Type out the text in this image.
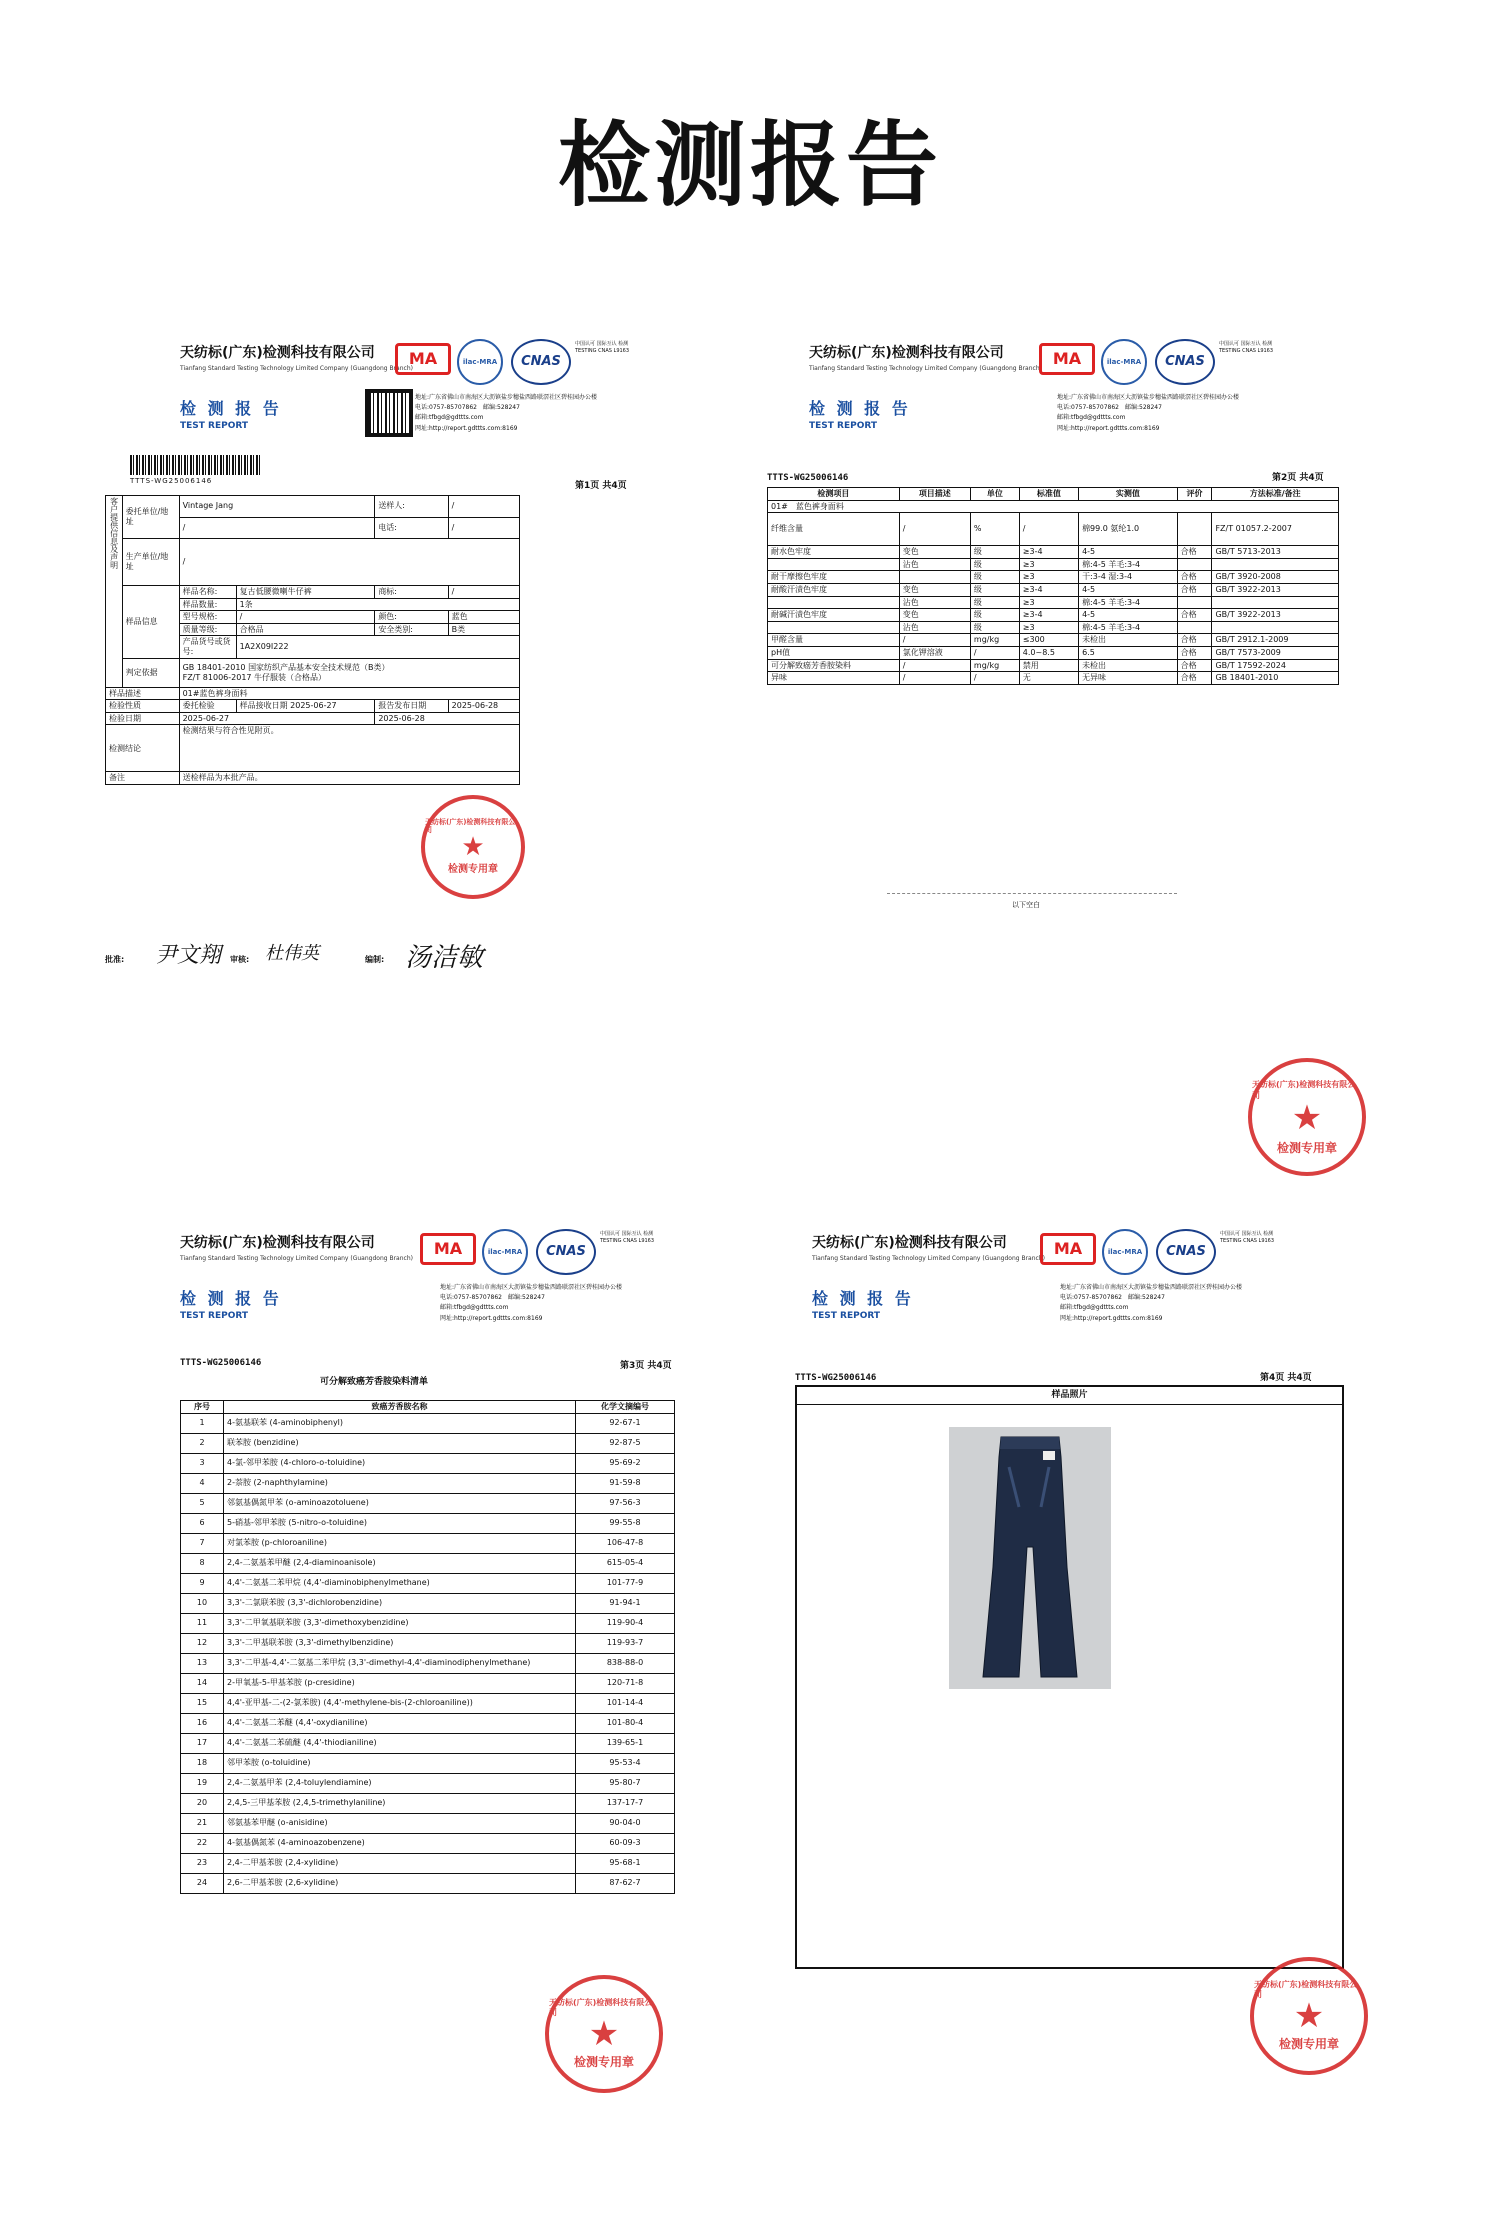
检测报告
天纺标(广东)检测科技有限公司
Tianfang Standard Testing Technology Limited Company (Guangdong Branch)
检 测 报 告
TEST REPORT
MA	ilac-MRA	CNAS
中国认可 国际互认 检测 TESTING CNAS L9163
地址:广东省佛山市南海区大沥镇盐步穗盐西路联滘社区碧桂园办公楼
电话:0757-85707862　邮编:528247
邮箱:tfbgd@gdttts.com
网址:http://report.gdttts.com:8169
TTTS-WG25006146	第1页 共4页
客户提供信息及声明	委托单位/地址	Vintage Jang		送样人:	/
		/		电话:	/
	生产单位/地址	/			
	样品信息	样品名称:	复古低腰微喇牛仔裤	商标:	/
		样品数量:	1条		
		型号规格:	/	颜色:	蓝色
		质量等级:	合格品	安全类别:	B类
		产品货号或货号:	1A2X09I222		
	判定依据	GB 18401-2010 国家纺织产品基本安全技术规范（B类）
FZ/T 81006-2017 牛仔服装（合格品）			

样品描述		01#蓝色裤身面料			
检验性质		委托检验	样品接收日期 2025-06-27	报告发布日期	2025-06-28
检验日期		2025-06-27		2025-06-28	
检测结论		检测结果与符合性见附页。			
备注		送检样品为本批产品。			
批准: 尹文翔 审核: 杜伟英	编制: 汤洁敏
天纺标(广东)检测科技有限公司
★
检测专用章
天纺标(广东)检测科技有限公司
Tianfang Standard Testing Technology Limited Company (Guangdong Branch)
检 测 报 告
TEST REPORT
MA	ilac-MRA	CNAS
中国认可 国际互认 检测 TESTING CNAS L9163
地址:广东省佛山市南海区大沥镇盐步穗盐西路联滘社区碧桂园办公楼
电话:0757-85707862　邮编:528247
邮箱:tfbgd@gdttts.com
网址:http://report.gdttts.com:8169
TTTS-WG25006146	第2页 共4页
检测项目	项目描述	单位	标准值	实测值	评价	方法标准/备注
01#　蓝色裤身面料						
纤维含量	/	%	/	棉99.0 氨纶1.0		FZ/T 01057.2-2007
耐水色牢度	变色	级	≥3-4	4-5	合格	GB/T 5713-2013
	沾色	级	≥3	棉:4-5 羊毛:3-4		
耐干摩擦色牢度		级	≥3	干:3-4 湿:3-4	合格	GB/T 3920-2008
耐酸汗渍色牢度	变色	级	≥3-4	4-5	合格	GB/T 3922-2013
	沾色	级	≥3	棉:4-5 羊毛:3-4		
耐碱汗渍色牢度	变色	级	≥3-4	4-5	合格	GB/T 3922-2013
	沾色	级	≥3	棉:4-5 羊毛:3-4		
甲醛含量	/	mg/kg	≤300	未检出	合格	GB/T 2912.1-2009
pH值	氯化钾溶液	/	4.0~8.5	6.5	合格	GB/T 7573-2009
可分解致癌芳香胺染料	/	mg/kg	禁用	未检出	合格	GB/T 17592-2024
异味	/	/	无	无异味	合格	GB 18401-2010
以下空白
天纺标(广东)检测科技有限公司
★
检测专用章
天纺标(广东)检测科技有限公司
Tianfang Standard Testing Technology Limited Company (Guangdong Branch)
检 测 报 告
TEST REPORT
MA	ilac-MRA	CNAS
中国认可 国际互认 检测 TESTING CNAS L9163
地址:广东省佛山市南海区大沥镇盐步穗盐西路联滘社区碧桂园办公楼
电话:0757-85707862　邮编:528247
邮箱:tfbgd@gdttts.com
网址:http://report.gdttts.com:8169
TTTS-WG25006146	第3页 共4页
可分解致癌芳香胺染料清单
序号	致癌芳香胺名称	化学文摘编号
1	4-氨基联苯 (4-aminobiphenyl)	92-67-1
2	联苯胺 (benzidine)	92-87-5
3	4-氯-邻甲苯胺 (4-chloro-o-toluidine)	95-69-2
4	2-萘胺 (2-naphthylamine)	91-59-8
5	邻氨基偶氮甲苯 (o-aminoazotoluene)	97-56-3
6	5-硝基-邻甲苯胺 (5-nitro-o-toluidine)	99-55-8
7	对氯苯胺 (p-chloroaniline)	106-47-8
8	2,4-二氨基苯甲醚 (2,4-diaminoanisole)	615-05-4
9	4,4'-二氨基二苯甲烷 (4,4'-diaminobiphenylmethane)	101-77-9
10	3,3'-二氯联苯胺 (3,3'-dichlorobenzidine)	91-94-1
11	3,3'-二甲氧基联苯胺 (3,3'-dimethoxybenzidine)	119-90-4
12	3,3'-二甲基联苯胺 (3,3'-dimethylbenzidine)	119-93-7
13	3,3'-二甲基-4,4'-二氨基二苯甲烷 (3,3'-dimethyl-4,4'-diaminodiphenylmethane)	838-88-0
14	2-甲氧基-5-甲基苯胺 (p-cresidine)	120-71-8
15	4,4'-亚甲基-二-(2-氯苯胺) (4,4'-methylene-bis-(2-chloroaniline))	101-14-4
16	4,4'-二氨基二苯醚 (4,4'-oxydianiline)	101-80-4
17	4,4'-二氨基二苯硫醚 (4,4'-thiodianiline)	139-65-1
18	邻甲苯胺 (o-toluidine)	95-53-4
19	2,4-二氨基甲苯 (2,4-toluylendiamine)	95-80-7
20	2,4,5-三甲基苯胺 (2,4,5-trimethylaniline)	137-17-7
21	邻氨基苯甲醚 (o-anisidine)	90-04-0
22	4-氨基偶氮苯 (4-aminoazobenzene)	60-09-3
23	2,4-二甲基苯胺 (2,4-xylidine)	95-68-1
24	2,6-二甲基苯胺 (2,6-xylidine)	87-62-7
天纺标(广东)检测科技有限公司
★
检测专用章
天纺标(广东)检测科技有限公司
Tianfang Standard Testing Technology Limited Company (Guangdong Branch)
检 测 报 告
TEST REPORT
MA	ilac-MRA	CNAS
中国认可 国际互认 检测 TESTING CNAS L9163
地址:广东省佛山市南海区大沥镇盐步穗盐西路联滘社区碧桂园办公楼
电话:0757-85707862　邮编:528247
邮箱:tfbgd@gdttts.com
网址:http://report.gdttts.com:8169
TTTS-WG25006146	第4页 共4页
样品照片
天纺标(广东)检测科技有限公司
★
检测专用章
